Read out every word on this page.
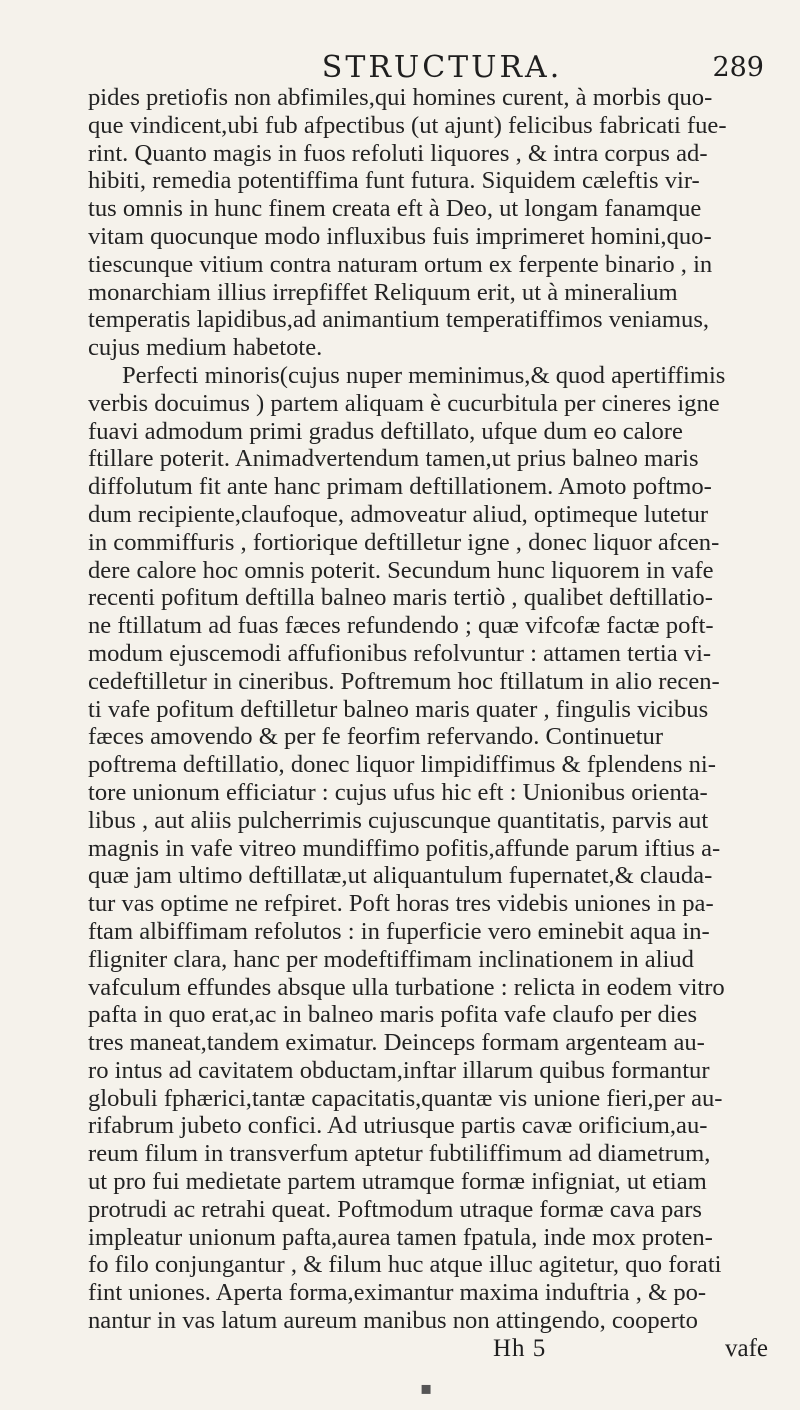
STRUCTURA.	289
pides pretiofis non abfimiles,qui homines curent, à morbis quo-
que vindicent,ubi fub afpectibus (ut ajunt) felicibus fabricati fue-
rint. Quanto magis in fuos refoluti liquores , & intra corpus ad-
hibiti, remedia potentiffima funt futura. Siquidem cæleftis vir-
tus omnis in hunc finem creata eft à Deo, ut longam fanamque
vitam quocunque modo influxibus fuis imprimeret homini,quo-
tiescunque vitium contra naturam ortum ex ferpente binario , in
monarchiam illius irrepfiffet Reliquum erit, ut à mineralium
temperatis lapidibus,ad animantium temperatiffimos veniamus,
cujus medium habetote.
Perfecti minoris(cujus nuper meminimus,& quod apertiffimis
verbis docuimus ) partem aliquam è cucurbitula per cineres igne
fuavi admodum primi gradus deftillato, ufque dum eo calore
ftillare poterit. Animadvertendum tamen,ut prius balneo maris
diffolutum fit ante hanc primam deftillationem. Amoto poftmo-
dum recipiente,claufoque, admoveatur aliud, optimeque lutetur
in commiffuris , fortiorique deftilletur igne , donec liquor afcen-
dere calore hoc omnis poterit. Secundum hunc liquorem in vafe
recenti pofitum deftilla balneo maris tertiò , qualibet deftillatio-
ne ftillatum ad fuas fæces refundendo ; quæ vifcofæ factæ poft-
modum ejuscemodi affufionibus refolvuntur : attamen tertia vi-
cedeftilletur in cineribus. Poftremum hoc ftillatum in alio recen-
ti vafe pofitum deftilletur balneo maris quater , fingulis vicibus
fæces amovendo & per fe feorfim refervando. Continuetur
poftrema deftillatio, donec liquor limpidiffimus & fplendens ni-
tore unionum efficiatur : cujus ufus hic eft : Unionibus orienta-
libus , aut aliis pulcherrimis cujuscunque quantitatis, parvis aut
magnis in vafe vitreo mundiffimo pofitis,affunde parum iftius a-
quæ jam ultimo deftillatæ,ut aliquantulum fupernatet,& clauda-
tur vas optime ne refpiret. Poft horas tres videbis uniones in pa-
ftam albiffimam refolutos : in fuperficie vero eminebit aqua in-
fligniter clara, hanc per modeftiffimam inclinationem in aliud
vafculum effundes absque ulla turbatione : relicta in eodem vitro
pafta in quo erat,ac in balneo maris pofita vafe claufo per dies
tres maneat,tandem eximatur. Deinceps formam argenteam au-
ro intus ad cavitatem obductam,inftar illarum quibus formantur
globuli fphærici,tantæ capacitatis,quantæ vis unione fieri,per au-
rifabrum jubeto confici. Ad utriusque partis cavæ orificium,au-
reum filum in transverfum aptetur fubtiliffimum ad diametrum,
ut pro fui medietate partem utramque formæ infigniat, ut etiam
protrudi ac retrahi queat. Poftmodum utraque formæ cava pars
impleatur unionum pafta,aurea tamen fpatula, inde mox proten-
fo filo conjungantur , & filum huc atque illuc agitetur, quo forati
fint uniones. Aperta forma,eximantur maxima induftria , & po-
nantur in vas latum aureum manibus non attingendo, cooperto
Hh 5	vafe
▪
